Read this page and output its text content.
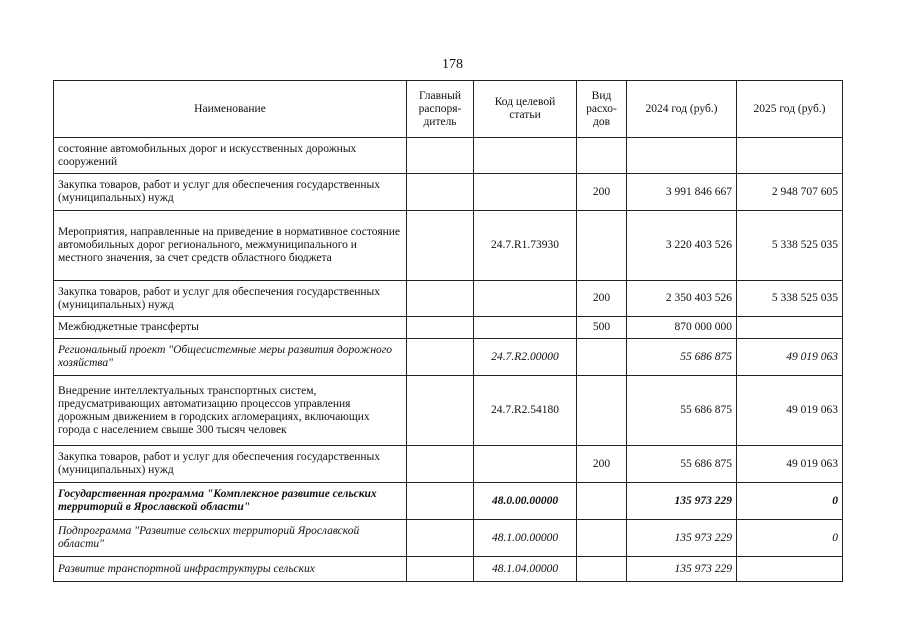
178
Наименование	Главный распоря-дитель	Код целевой статьи	Вид расхо-дов	2024 год (руб.)	2025 год (руб.)
состояние автомобильных дорог и искусственных дорожных сооружений					
Закупка товаров, работ и услуг для обеспечения государственных (муниципальных) нужд			200	3 991 846 667	2 948 707 605
Мероприятия, направленные на приведение в нормативное состояние автомобильных дорог регионального, межмуниципального и местного значения, за счет средств областного бюджета		24.7.R1.73930		3 220 403 526	5 338 525 035
Закупка товаров, работ и услуг для обеспечения государственных (муниципальных) нужд			200	2 350 403 526	5 338 525 035
Межбюджетные трансферты			500	870 000 000	
Региональный проект "Общесистемные меры развития дорожного хозяйства"		24.7.R2.00000		55 686 875	49 019 063
Внедрение интеллектуальных транспортных систем, предусматривающих автоматизацию процессов управления дорожным движением в городских агломерациях, включающих города с населением свыше 300 тысяч человек		24.7.R2.54180		55 686 875	49 019 063
Закупка товаров, работ и услуг для обеспечения государственных (муниципальных) нужд			200	55 686 875	49 019 063
Государственная программа "Комплексное развитие сельских территорий в Ярославской области"		48.0.00.00000		135 973 229	0
Подпрограмма "Развитие сельских территорий Ярославской области"		48.1.00.00000		135 973 229	0
Развитие транспортной инфраструктуры сельских		48.1.04.00000		135 973 229	
